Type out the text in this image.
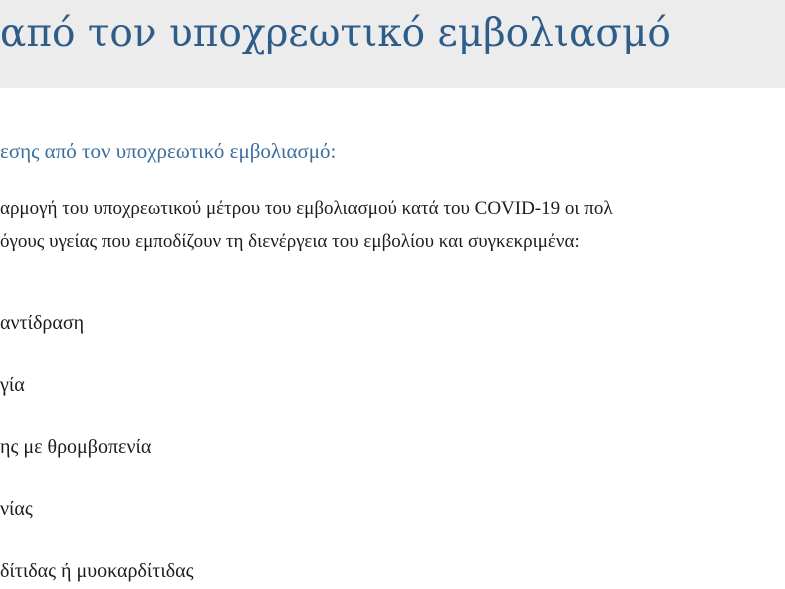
από τον υποχρεωτικό εμβολιασμό
εσης από τον υποχρεωτικό εμβολιασμό:

αρμογή του υποχρεωτικού μέτρου του εμβολιασμού κατά του COVID-19 οι πολ
όγους υγείας που εμποδίζουν τη διενέργεια του εμβολίου και συγκεκριμένα:

αντίδραση
γία
ης με θρομβοπενία
νίας
δίτιδας ή μυοκαρδίτιδας
